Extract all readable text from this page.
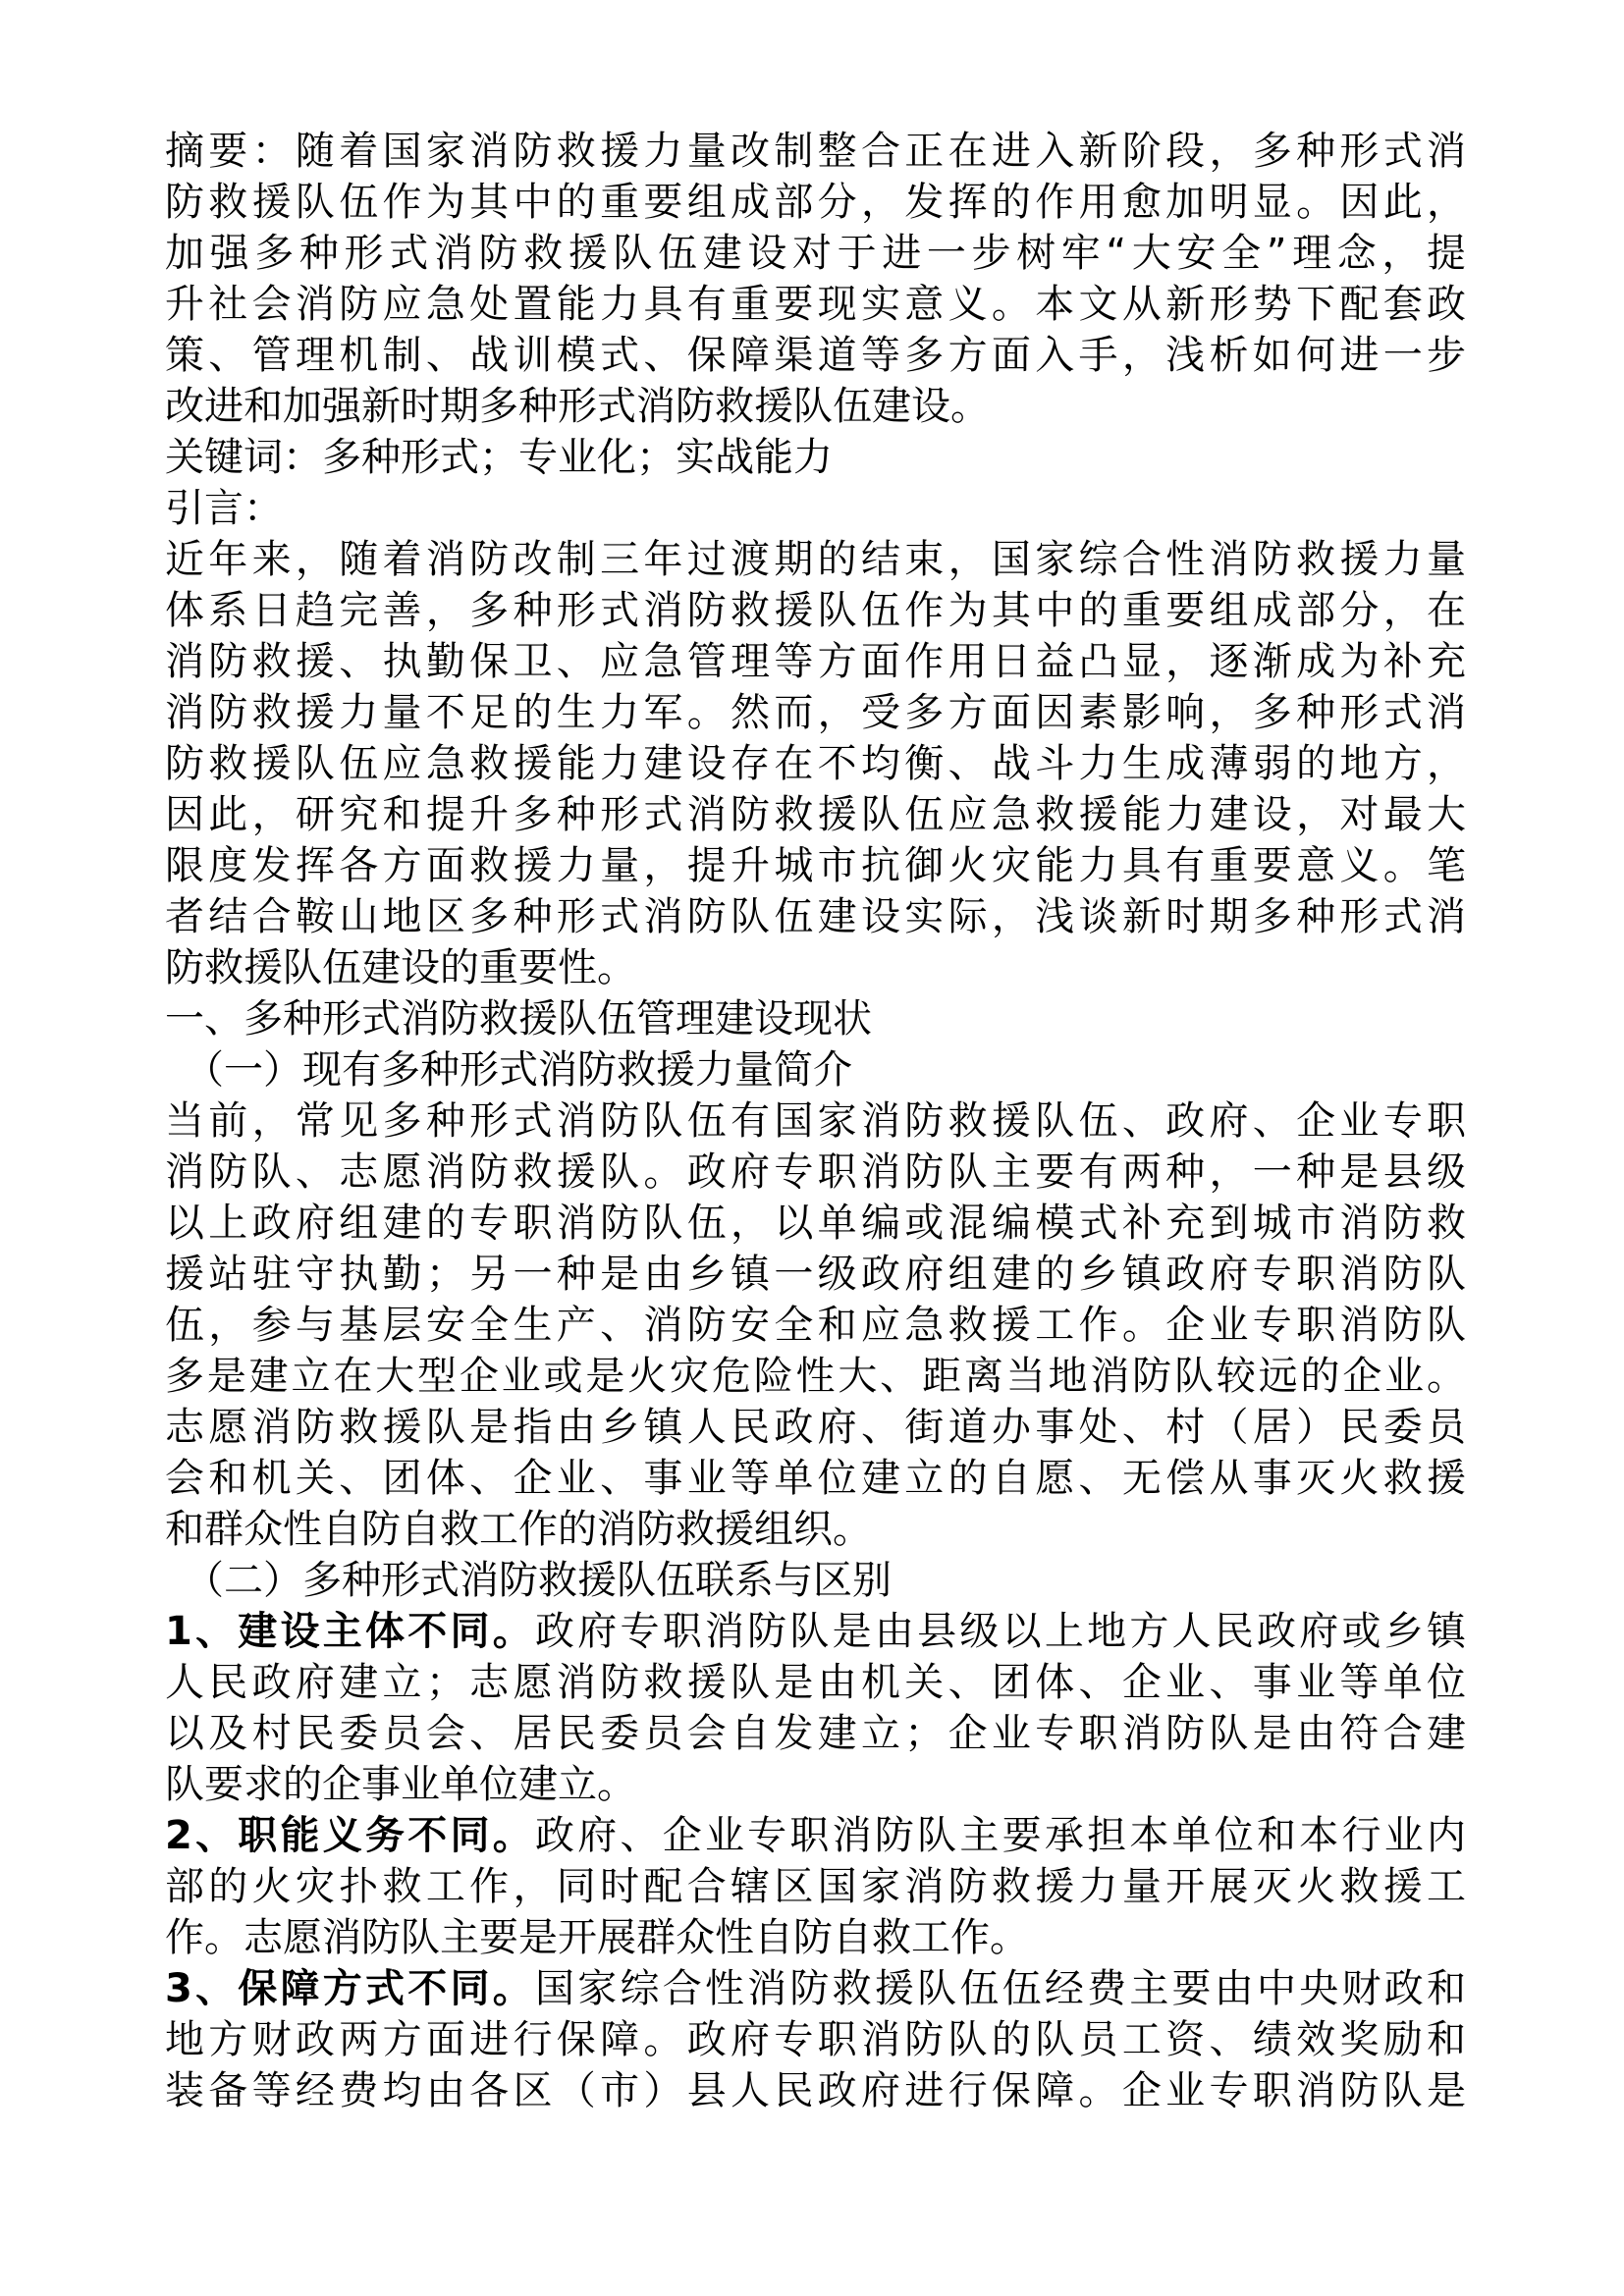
摘要：随着国家消防救援力量改制整合正在进入新阶段，多种形式消
防救援队伍作为其中的重要组成部分，发挥的作用愈加明显。因此，
加强多种形式消防救援队伍建设对于进一步树牢“大安全”理念，提
升社会消防应急处置能力具有重要现实意义。本文从新形势下配套政
策、管理机制、战训模式、保障渠道等多方面入手，浅析如何进一步
改进和加强新时期多种形式消防救援队伍建设。
关键词：多种形式；专业化；实战能力
引言：
近年来，随着消防改制三年过渡期的结束，国家综合性消防救援力量
体系日趋完善，多种形式消防救援队伍作为其中的重要组成部分，在
消防救援、执勤保卫、应急管理等方面作用日益凸显，逐渐成为补充
消防救援力量不足的生力军。然而，受多方面因素影响，多种形式消
防救援队伍应急救援能力建设存在不均衡、战斗力生成薄弱的地方，
因此，研究和提升多种形式消防救援队伍应急救援能力建设，对最大
限度发挥各方面救援力量，提升城市抗御火灾能力具有重要意义。笔
者结合鞍山地区多种形式消防队伍建设实际，浅谈新时期多种形式消
防救援队伍建设的重要性。
一、多种形式消防救援队伍管理建设现状
（一）现有多种形式消防救援力量简介
当前，常见多种形式消防队伍有国家消防救援队伍、政府、企业专职
消防队、志愿消防救援队。政府专职消防队主要有两种，一种是县级
以上政府组建的专职消防队伍，以单编或混编模式补充到城市消防救
援站驻守执勤；另一种是由乡镇一级政府组建的乡镇政府专职消防队
伍，参与基层安全生产、消防安全和应急救援工作。企业专职消防队
多是建立在大型企业或是火灾危险性大、距离当地消防队较远的企业。
志愿消防救援队是指由乡镇人民政府、街道办事处、村（居）民委员
会和机关、团体、企业、事业等单位建立的自愿、无偿从事灭火救援
和群众性自防自救工作的消防救援组织。
（二）多种形式消防救援队伍联系与区别
1、建设主体不同。政府专职消防队是由县级以上地方人民政府或乡镇
人民政府建立；志愿消防救援队是由机关、团体、企业、事业等单位
以及村民委员会、居民委员会自发建立；企业专职消防队是由符合建
队要求的企事业单位建立。
2、职能义务不同。政府、企业专职消防队主要承担本单位和本行业内
部的火灾扑救工作，同时配合辖区国家消防救援力量开展灭火救援工
作。志愿消防队主要是开展群众性自防自救工作。
3、保障方式不同。国家综合性消防救援队伍伍经费主要由中央财政和
地方财政两方面进行保障。政府专职消防队的队员工资、绩效奖励和
装备等经费均由各区（市）县人民政府进行保障。企业专职消防队是
